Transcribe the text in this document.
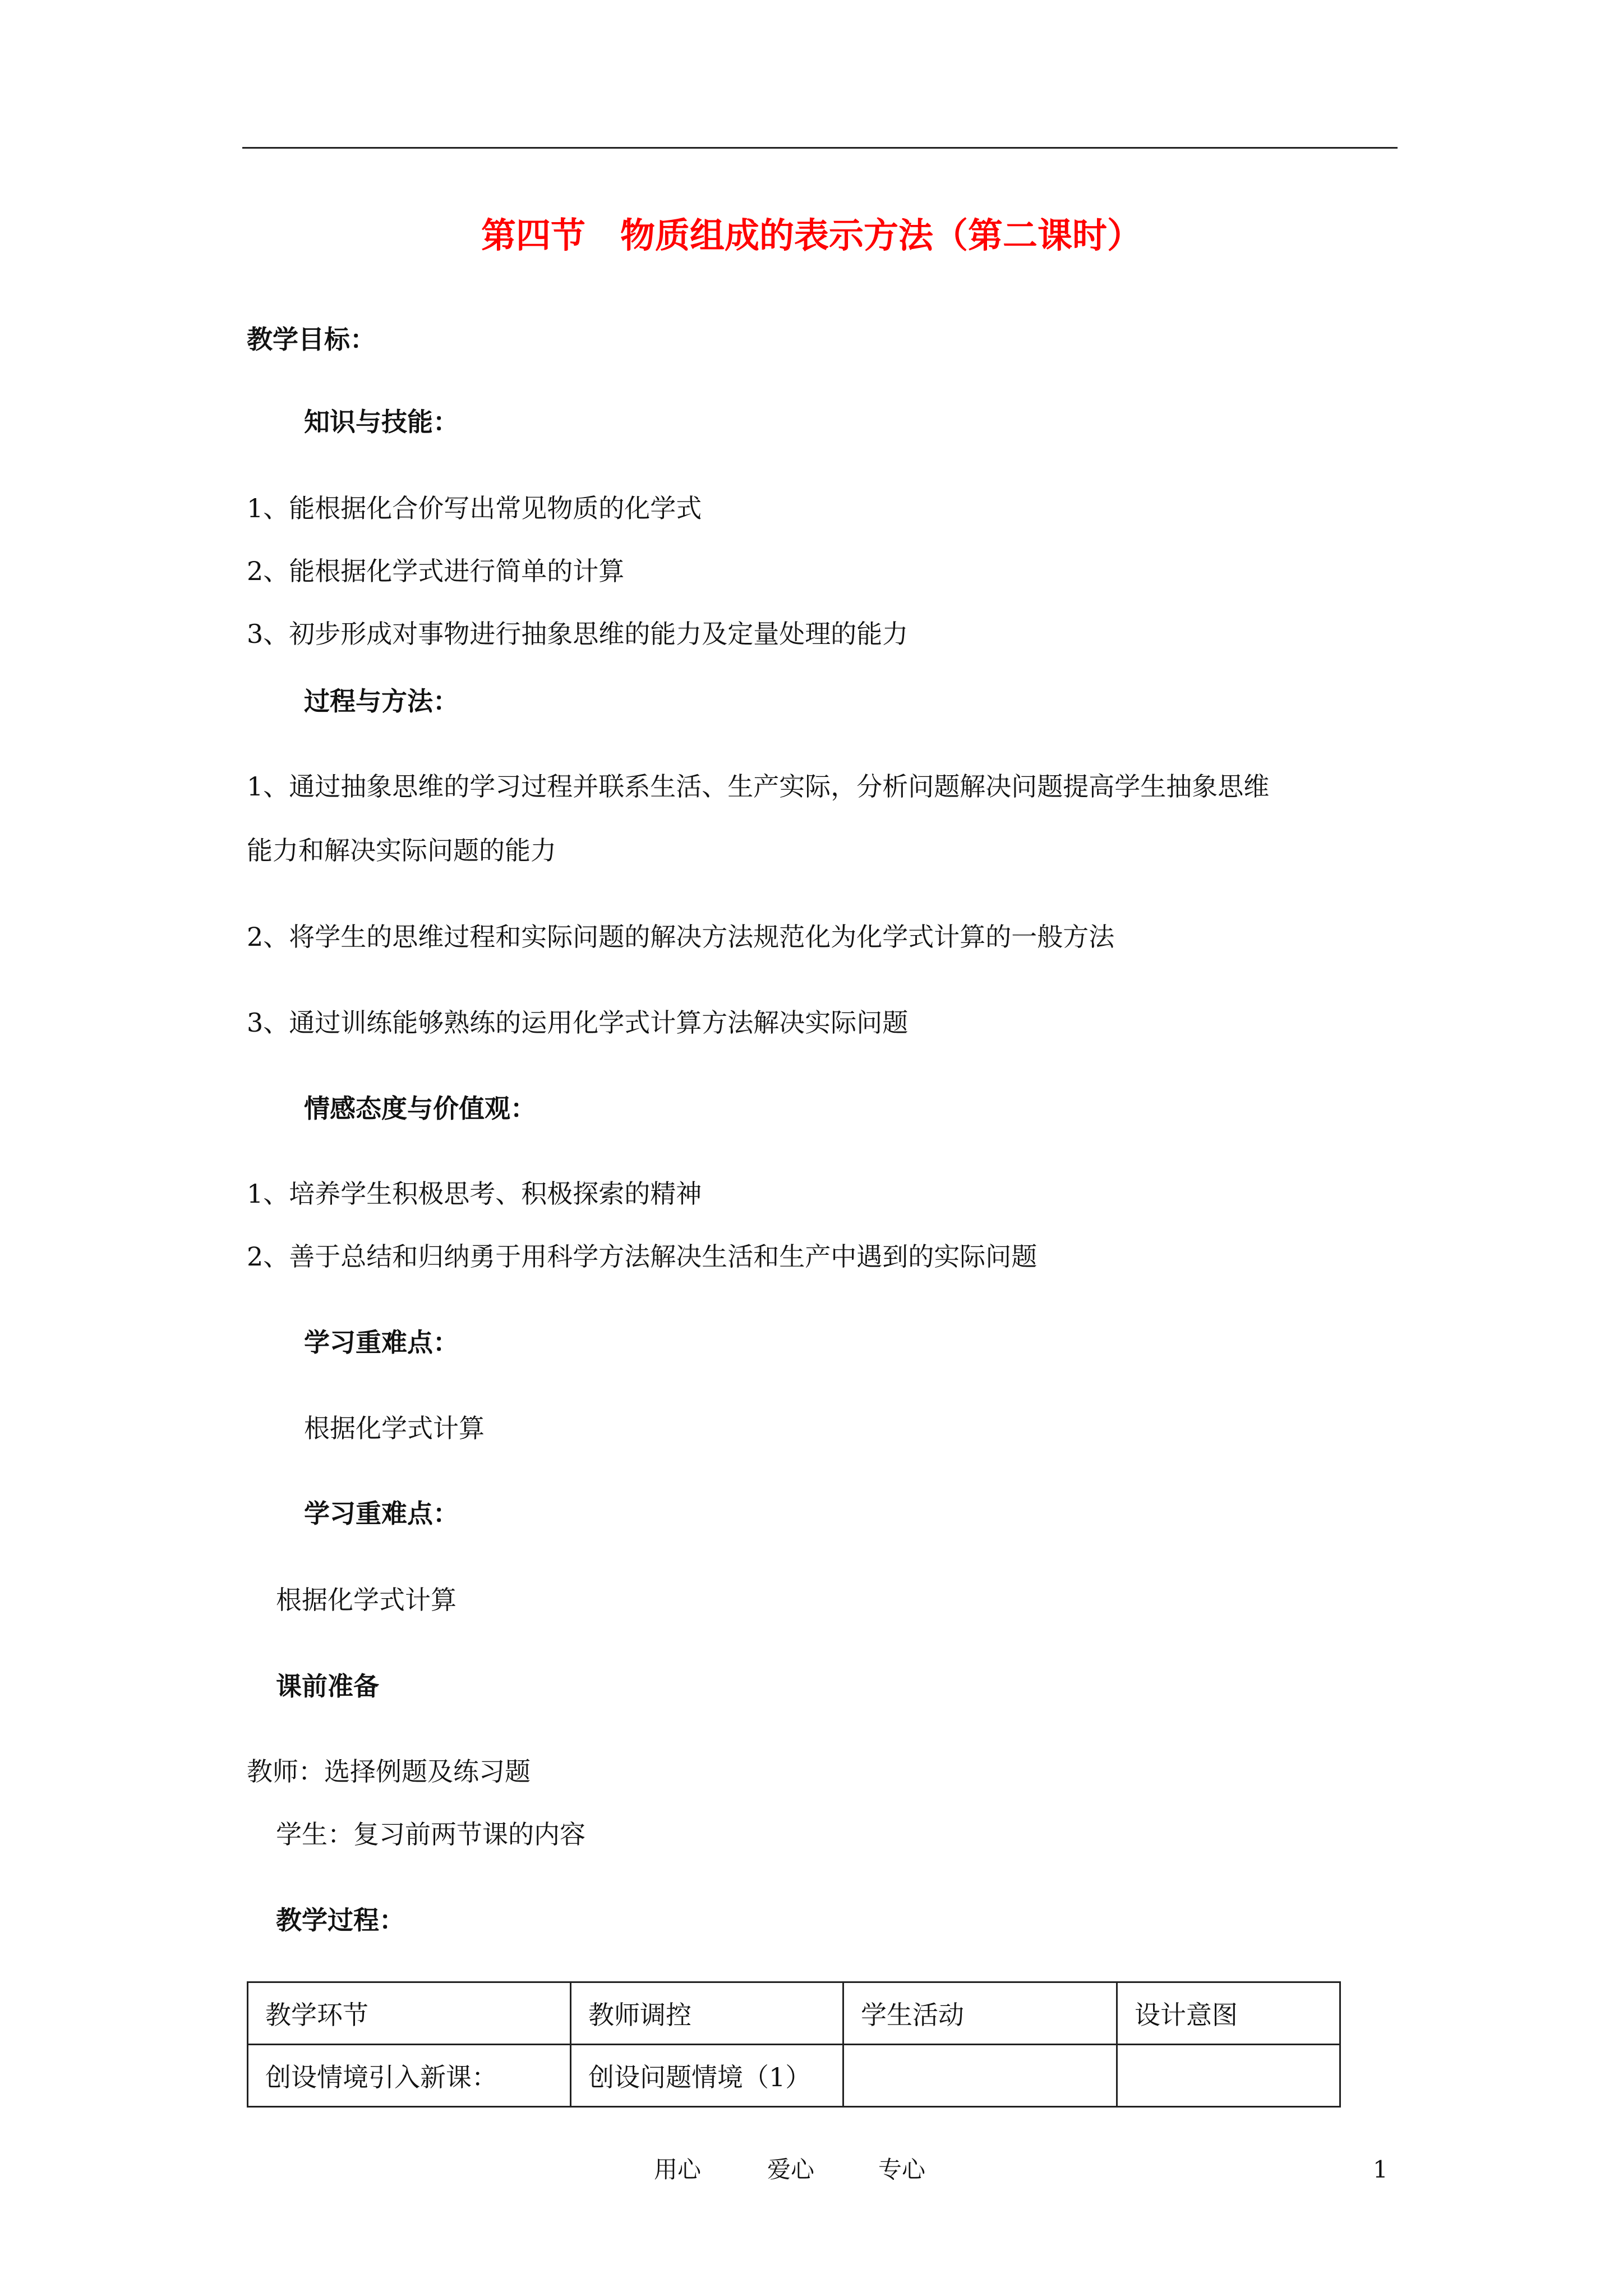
第四节　物质组成的表示方法（第二课时）
教学目标：
知识与技能：
1、能根据化合价写出常见物质的化学式
2、能根据化学式进行简单的计算
3、初步形成对事物进行抽象思维的能力及定量处理的能力
过程与方法：
1、通过抽象思维的学习过程并联系生活、生产实际，分析问题解决问题提高学生抽象思维
能力和解决实际问题的能力
2、将学生的思维过程和实际问题的解决方法规范化为化学式计算的一般方法
3、通过训练能够熟练的运用化学式计算方法解决实际问题
情感态度与价值观：
1、培养学生积极思考、积极探索的精神
2、善于总结和归纳勇于用科学方法解决生活和生产中遇到的实际问题
学习重难点：
根据化学式计算
学习重难点：
根据化学式计算
课前准备
教师：选择例题及练习题
学生：复习前两节课的内容
教学过程：
教学环节	教师调控	学生活动	设计意图
创设情境引入新课：	创设问题情境（1）		
用心	爱心	专心	1
